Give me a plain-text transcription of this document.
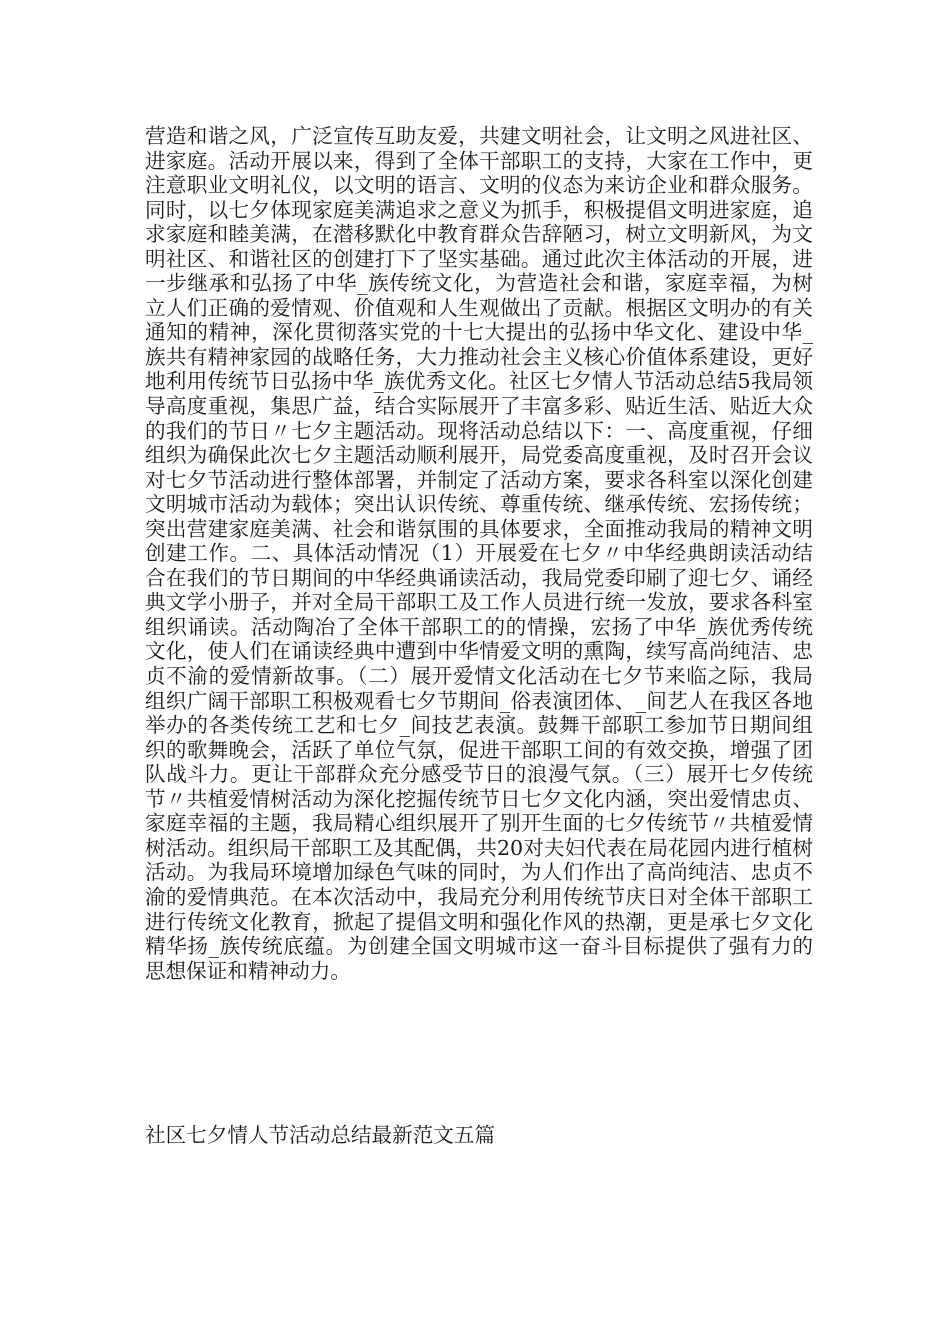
营造和谐之风，广泛宣传互助友爱，共建文明社会，让文明之风进社区、进家庭。活动开展以来，得到了全体干部职工的支持，大家在工作中，更注意职业文明礼仪，以文明的语言、文明的仪态为来访企业和群众服务。同时，以七夕体现家庭美满追求之意义为抓手，积极提倡文明进家庭，追求家庭和睦美满，在潜移默化中教育群众告辞陋习，树立文明新风，为文明社区、和谐社区的创建打下了坚实基础。通过此次主体活动的开展，进一步继承和弘扬了中华_族传统文化，为营造社会和谐，家庭幸福，为树立人们正确的爱情观、价值观和人生观做出了贡献。根据区文明办的有关通知的精神，深化贯彻落实党的十七大提出的弘扬中华文化、建设中华_族共有精神家园的战略任务，大力推动社会主义核心价值体系建设，更好地利用传统节日弘扬中华_族优秀文化。社区七夕情人节活动总结5我局领导高度重视，集思广益，结合实际展开了丰富多彩、贴近生活、贴近大众的我们的节日〃七夕主题活动。现将活动总结以下：一、高度重视，仔细组织为确保此次七夕主题活动顺利展开，局党委高度重视，及时召开会议对七夕节活动进行整体部署，并制定了活动方案，要求各科室以深化创建文明城市活动为载体；突出认识传统、尊重传统、继承传统、宏扬传统；突出营建家庭美满、社会和谐氛围的具体要求，全面推动我局的精神文明创建工作。二、具体活动情况（1）开展爱在七夕〃中华经典朗读活动结合在我们的节日期间的中华经典诵读活动，我局党委印刷了迎七夕、诵经典文学小册子，并对全局干部职工及工作人员进行统一发放，要求各科室组织诵读。活动陶冶了全体干部职工的的情操，宏扬了中华_族优秀传统文化，使人们在诵读经典中遭到中华情爱文明的熏陶，续写高尚纯洁、忠贞不渝的爱情新故事。（二）展开爱情文化活动在七夕节来临之际，我局组织广阔干部职工积极观看七夕节期间_俗表演团体、_间艺人在我区各地举办的各类传统工艺和七夕_间技艺表演。鼓舞干部职工参加节日期间组织的歌舞晚会，活跃了单位气氛，促进干部职工间的有效交换，增强了团队战斗力。更让干部群众充分感受节日的浪漫气氛。（三）展开七夕传统节〃共植爱情树活动为深化挖掘传统节日七夕文化内涵，突出爱情忠贞、家庭幸福的主题，我局精心组织展开了别开生面的七夕传统节〃共植爱情树活动。组织局干部职工及其配偶，共20对夫妇代表在局花园内进行植树活动。为我局环境增加绿色气味的同时，为人们作出了高尚纯洁、忠贞不渝的爱情典范。在本次活动中，我局充分利用传统节庆日对全体干部职工进行传统文化教育，掀起了提倡文明和强化作风的热潮，更是承七夕文化精华扬_族传统底蕴。为创建全国文明城市这一奋斗目标提供了强有力的思想保证和精神动力。

社区七夕情人节活动总结最新范文五篇
